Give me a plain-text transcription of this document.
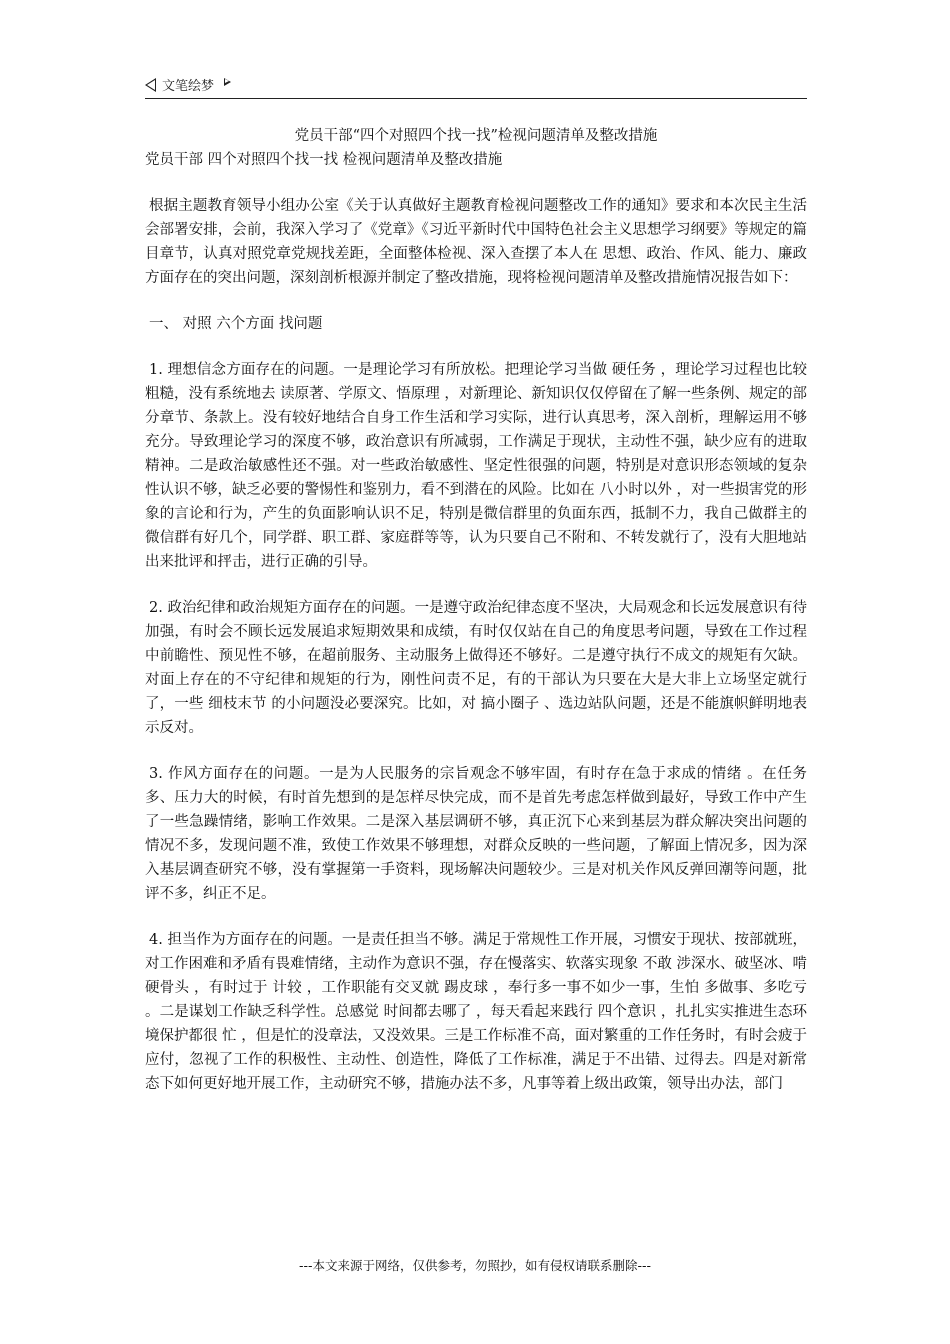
文笔绘梦
党员干部“四个对照四个找一找”检视问题清单及整改措施
党员干部 四个对照四个找一找 检视问题清单及整改措施

根据主题教育领导小组办公室《关于认真做好主题教育检视问题整改工作的通知》要求和本次民主生活会部署安排，会前，我深入学习了《党章》《习近平新时代中国特色社会主义思想学习纲要》等规定的篇目章节，认真对照党章党规找差距，全面整体检视、深入查摆了本人在 思想、政治、作风、能力、廉政 方面存在的突出问题，深刻剖析根源并制定了整改措施，现将检视问题清单及整改措施情况报告如下：

一、 对照 六个方面 找问题

1. 理想信念方面存在的问题。一是理论学习有所放松。把理论学习当做 硬任务 ，理论学习过程也比较粗糙，没有系统地去 读原著、学原文、悟原理 ，对新理论、新知识仅仅停留在了解一些条例、规定的部分章节、条款上。没有较好地结合自身工作生活和学习实际，进行认真思考，深入剖析，理解运用不够充分。导致理论学习的深度不够，政治意识有所减弱，工作满足于现状，主动性不强，缺少应有的进取精神。二是政治敏感性还不强。对一些政治敏感性、坚定性很强的问题，特别是对意识形态领域的复杂性认识不够，缺乏必要的警惕性和鉴别力，看不到潜在的风险。比如在 八小时以外 ，对一些损害党的形象的言论和行为，产生的负面影响认识不足，特别是微信群里的负面东西，抵制不力，我自己做群主的微信群有好几个，同学群、职工群、家庭群等等，认为只要自己不附和、不转发就行了，没有大胆地站出来批评和抨击，进行正确的引导。

2. 政治纪律和政治规矩方面存在的问题。一是遵守政治纪律态度不坚决，大局观念和长远发展意识有待加强，有时会不顾长远发展追求短期效果和成绩，有时仅仅站在自己的角度思考问题，导致在工作过程中前瞻性、预见性不够，在超前服务、主动服务上做得还不够好。二是遵守执行不成文的规矩有欠缺。对面上存在的不守纪律和规矩的行为，刚性问责不足，有的干部认为只要在大是大非上立场坚定就行了，一些 细枝末节 的小问题没必要深究。比如，对 搞小圈子 、选边站队问题，还是不能旗帜鲜明地表示反对。

3. 作风方面存在的问题。一是为人民服务的宗旨观念不够牢固，有时存在急于求成的情绪 。在任务多、压力大的时候，有时首先想到的是怎样尽快完成，而不是首先考虑怎样做到最好，导致工作中产生了一些急躁情绪，影响工作效果。二是深入基层调研不够，真正沉下心来到基层为群众解决突出问题的情况不多，发现问题不准，致使工作效果不够理想，对群众反映的一些问题，了解面上情况多，因为深入基层调查研究不够，没有掌握第一手资料，现场解决问题较少。三是对机关作风反弹回潮等问题，批评不多，纠正不足。

4. 担当作为方面存在的问题。一是责任担当不够。满足于常规性工作开展，习惯安于现状、按部就班，对工作困难和矛盾有畏难情绪，主动作为意识不强，存在慢落实、软落实现象 不敢 涉深水、破坚冰、啃硬骨头 ，有时过于 计较 ，工作职能有交叉就 踢皮球 ，奉行多一事不如少一事，生怕 多做事、多吃亏 。二是谋划工作缺乏科学性。总感觉 时间都去哪了 ，每天看起来践行 四个意识 ，扎扎实实推进生态环境保护都很 忙 ，但是忙的没章法，又没效果。三是工作标准不高，面对繁重的工作任务时，有时会疲于应付，忽视了工作的积极性、主动性、创造性，降低了工作标准，满足于不出错、过得去。四是对新常态下如何更好地开展工作，主动研究不够，措施办法不多，凡事等着上级出政策，领导出办法，部门

---本文来源于网络，仅供参考，勿照抄，如有侵权请联系删除---
